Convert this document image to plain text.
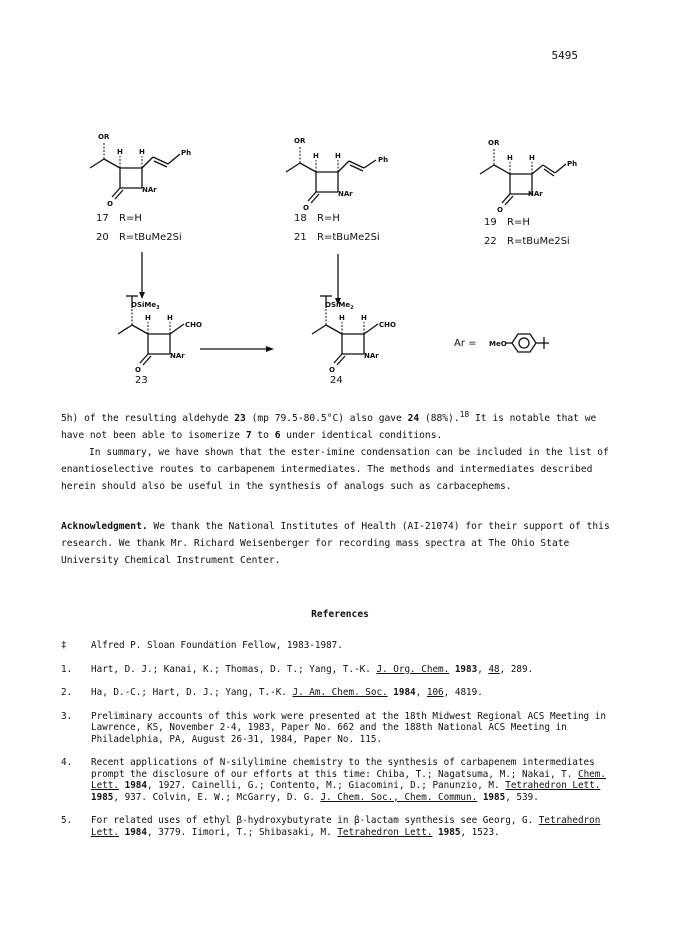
5495
OR
H H	Ph
O
NAr
17 R=H
20 R=tBuMe2Si
OR
H H	Ph
O
NAr
18 R=H
21 R=tBuMe2Si
OR
H H
Ph
O
NAr
19 R=H
22 R=tBuMe2Si
OSiMe$_3$
H H
CHO
O
NAr
23
OSiMe$_2$
H H
CHO
O
NAr
24
Ar = MeO

5h) of the resulting aldehyde 23 (mp 79.5-80.5°C) also gave 24 (88%).$^{18}$ It is notable that we have not been able to isomerize 7 to 6 under identical conditions.

In summary, we have shown that the ester-imine condensation can be included in the list of enantioselective routes to carbapenem intermediates. The methods and intermediates described herein should also be useful in the synthesis of analogs such as carbacephems.

Acknowledgment. We thank the National Institutes of Health (AI-21074) for their support of this research. We thank Mr. Richard Weisenberger for recording mass spectra at The Ohio State University Chemical Instrument Center.

References
‡	Alfred P. Sloan Foundation Fellow, 1983-1987.
1.	Hart, D. J.; Kanai, K.; Thomas, D. T.; Yang, T.-K. J. Org. Chem. 1983, 48, 289.
2.	Ha, D.-C.; Hart, D. J.; Yang, T.-K. J. Am. Chem. Soc. 1984, 106, 4819.
3.	Preliminary accounts of this work were presented at the 18th Midwest Regional ACS Meeting in Lawrence, KS, November 2-4, 1983, Paper No. 662 and the 188th National ACS Meeting in Philadelphia, PA, August 26-31, 1984, Paper No. 115.
4.	Recent applications of N-silylimine chemistry to the synthesis of carbapenem intermediates prompt the disclosure of our efforts at this time: Chiba, T.; Nagatsuma, M.; Nakai, T. Chem. Lett. 1984, 1927. Cainelli, G.; Contento, M.; Giacomini, D.; Panunzio, M. Tetrahedron Lett. 1985, 937. Colvin, E. W.; McGarry, D. G. J. Chem. Soc., Chem. Commun. 1985, 539.
5.	For related uses of ethyl β-hydroxybutyrate in β-lactam synthesis see Georg, G. Tetrahedron Lett. 1984, 3779. Iimori, T.; Shibasaki, M. Tetrahedron Lett. 1985, 1523.
